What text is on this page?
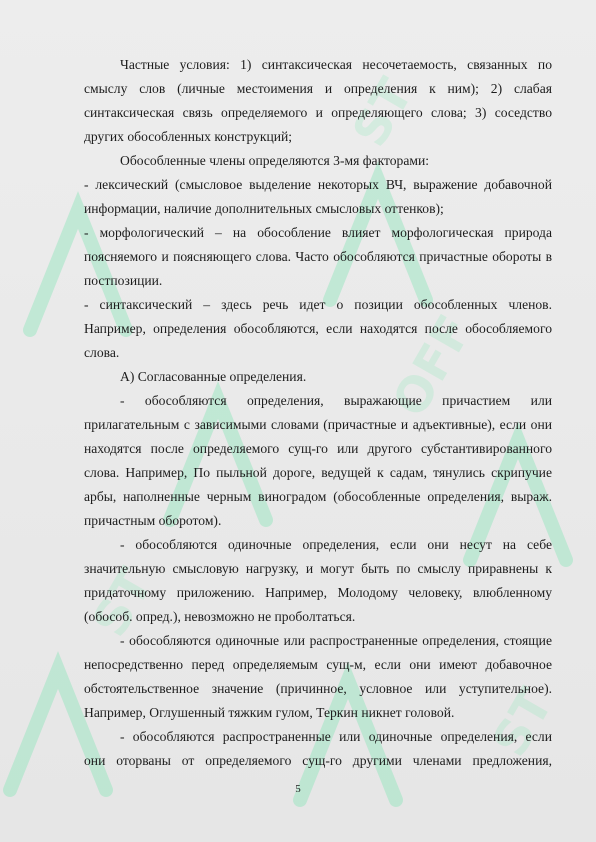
ST
OFF
ST
ST
Частные условия: 1) синтаксическая несочетаемость, связанных по
смыслу слов (личные местоимения и определения к ним); 2) слабая
синтаксическая связь определяемого и определяющего слова; 3) соседство
других обособленных конструкций;
Обособленные члены определяются 3-мя факторами:
- лексический (смысловое выделение некоторых ВЧ, выражение добавочной
информации, наличие дополнительных смысловых оттенков);
- морфологический – на обособление влияет морфологическая природа
поясняемого и поясняющего слова. Часто обособляются причастные обороты в
постпозиции.
- синтаксический – здесь речь идет о позиции обособленных членов.
Например, определения обособляются, если находятся после обособляемого
слова.
А) Согласованные определения.
- обособляются определения, выражающие причастием или
прилагательным с зависимыми словами (причастные и адъективные), если они
находятся после определяемого сущ-го или другого субстантивированного
слова. Например, По пыльной дороге, ведущей к садам, тянулись скрипучие
арбы, наполненные черным виноградом (обособленные определения, выраж.
причастным оборотом).
- обособляются одиночные определения, если они несут на себе
значительную смысловую нагрузку, и могут быть по смыслу приравнены к
придаточному приложению. Например, Молодому человеку, влюбленному
(обособ. опред.), невозможно не проболтаться.
- обособляются одиночные или распространенные определения, стоящие
непосредственно перед определяемым сущ-м, если они имеют добавочное
обстоятельственное значение (причинное, условное или уступительное).
Например, Оглушенный тяжким гулом, Теркин никнет головой.
- обособляются распространенные или одиночные определения, если
они оторваны от определяемого сущ-го другими членами предложения,
5
